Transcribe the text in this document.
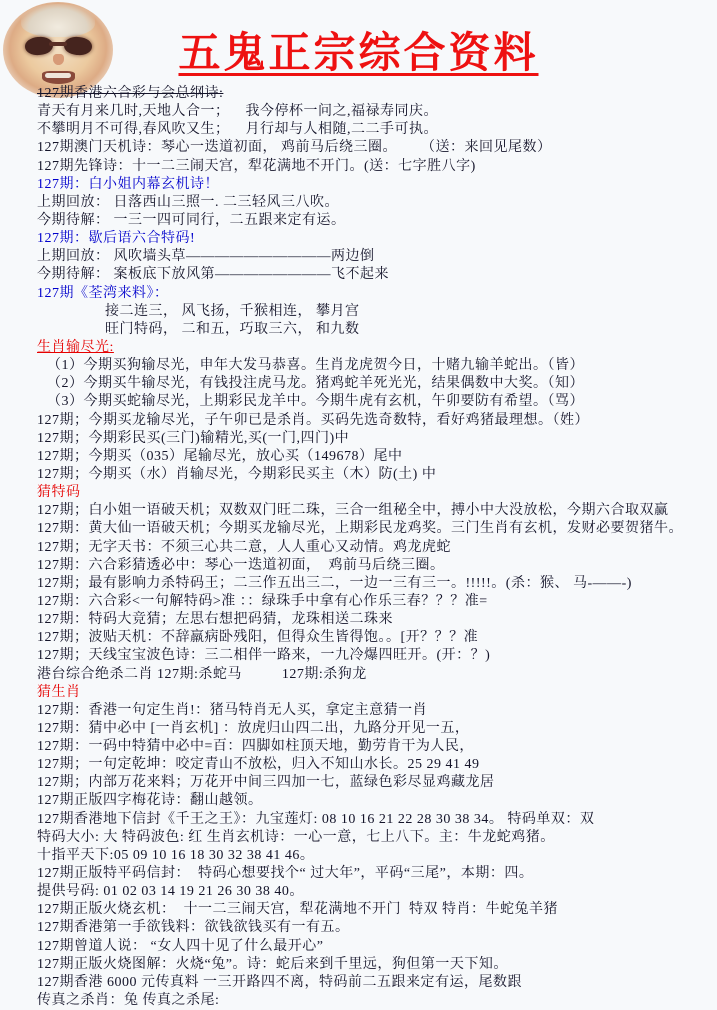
五鬼正宗综合资料
127期香港六合彩与会总纲诗:
青天有月来几时,天地人合一；    我今停杯一问之,福禄寿同庆。
不攀明月不可得,春风吹又生；    月行却与人相随,二二手可执。
127期澳门天机诗：琴心一迭道初面， 鸡前马后绕三圈。      （送：来回见尾数）
127期先锋诗：十一二三闹天宫，犁花满地不开门。(送：七字胜八字)
127期：白小姐内幕玄机诗！
上期回放： 日落西山三照一. 二三轻风三八吹。
今期待解： 一三一四可同行，二五跟来定有运。
127期：歇后语六合特码!
上期回放： 风吹墙头草——————————两边倒
今期待解： 案板底下放风第————————飞不起来
127期《荃湾来料》：
接二连三， 风飞扬，千猴相连， 攀月宫
旺门特码， 二和五，巧取三六， 和九数
生肖输尽光:
（1）今期买狗输尽光，申年大发马恭喜。生肖龙虎贺今日，十赌九输羊蛇出。（皆）
（2）今期买牛输尽光，有钱投注虎马龙。猪鸡蛇羊死光光，结果偶数中大奖。（知）
（3）今期买蛇输尽光，上期彩民龙羊中。今期牛虎有玄机，午卯要防有希望。（骂）
127期；今期买龙输尽光，子午卯已是杀肖。买码先选奇数特，看好鸡猪最理想。（姓）
127期；今期彩民买(三门)输精光,买(一门,四门)中
127期；今期买（035）尾输尽光，放心买（149678）尾中
127期；今期买（水）肖输尽光，今期彩民买主（木）防(土) 中
猜特码
127期；白小姐一语破天机；双数双门旺二珠，三合一组秘全中，搏小中大没放松，今期六合取双赢
127期：黄大仙一语破天机；今期买龙输尽光，上期彩民龙鸡奖。三门生肖有玄机，发财必要贺猪牛。
127期；无字天书：不须三心共二意，人人重心又动情。鸡龙虎蛇
127期：六合彩猜透必中：琴心一迭道初面，  鸡前马后绕三圈。
127期；最有影响力杀特码王；二三作五出三二，一边一三有三一。!!!!!。(杀：猴、 马-——-)
127期：六合彩<一句解特码>准 ：：绿珠手中拿有心作乐三春？？？准=
127期：特码大竞猜；左思右想把码猜，龙珠相送二珠来
127期；波贴天机：不辞羸病卧残阳，但得众生皆得饱。。[开？？？准
127期；天线宝宝波色诗：三二相伴一路来，一九冷爆四旺开。(开：？)
港台综合绝杀二肖 127期:杀蛇马          127期:杀狗龙
猜生肖
127期：香港一句定生肖!：猪马特肖无人买，拿定主意猜一肖
127期：猜中必中 [一肖玄机] ：放虎归山四二出，九路分开见一五，
127期：一码中特猜中必中=百：四脚如柱顶天地，勤劳肯干为人民，
127期；一句定乾坤：咬定青山不放松，归入不知山水长。25 29 41 49
127期；内部万花来料；万花开中间三四加一七，蓝绿色彩尽显鸡藏龙居
127期正版四字梅花诗：翻山越领。
127期香港地下信封《千王之王》：九宝莲灯: 08 10 16 21 22 28 30 38 34。 特码单双：双
特码大小: 大 特码波色: 红 生肖玄机诗：一心一意，七上八下。主：牛龙蛇鸡猪。
十指平天下:05 09 10 16 18 30 32 38 41 46。
127期正版特平码信封：  特码心想要找个“ 过大年”，平码“三尾”，本期：四。
提供号码: 01 02 03 14 19 21 26 30 38 40。
127期正版火烧玄机：  十一二三闹天宫，犁花满地不开门  特双 特肖：牛蛇兔羊猪
127期香港第一手欲钱料：欲钱欲钱买有一有五。
127期曾道人说： “女人四十见了什么最开心”
127期正版火烧图解：火烧“兔”。诗：蛇后来到千里远，狗但第一天下知。
127期香港 6000 元传真料 一三开路四不离，特码前二五跟来定有运，尾数跟
传真之杀肖：兔 传真之杀尾:
